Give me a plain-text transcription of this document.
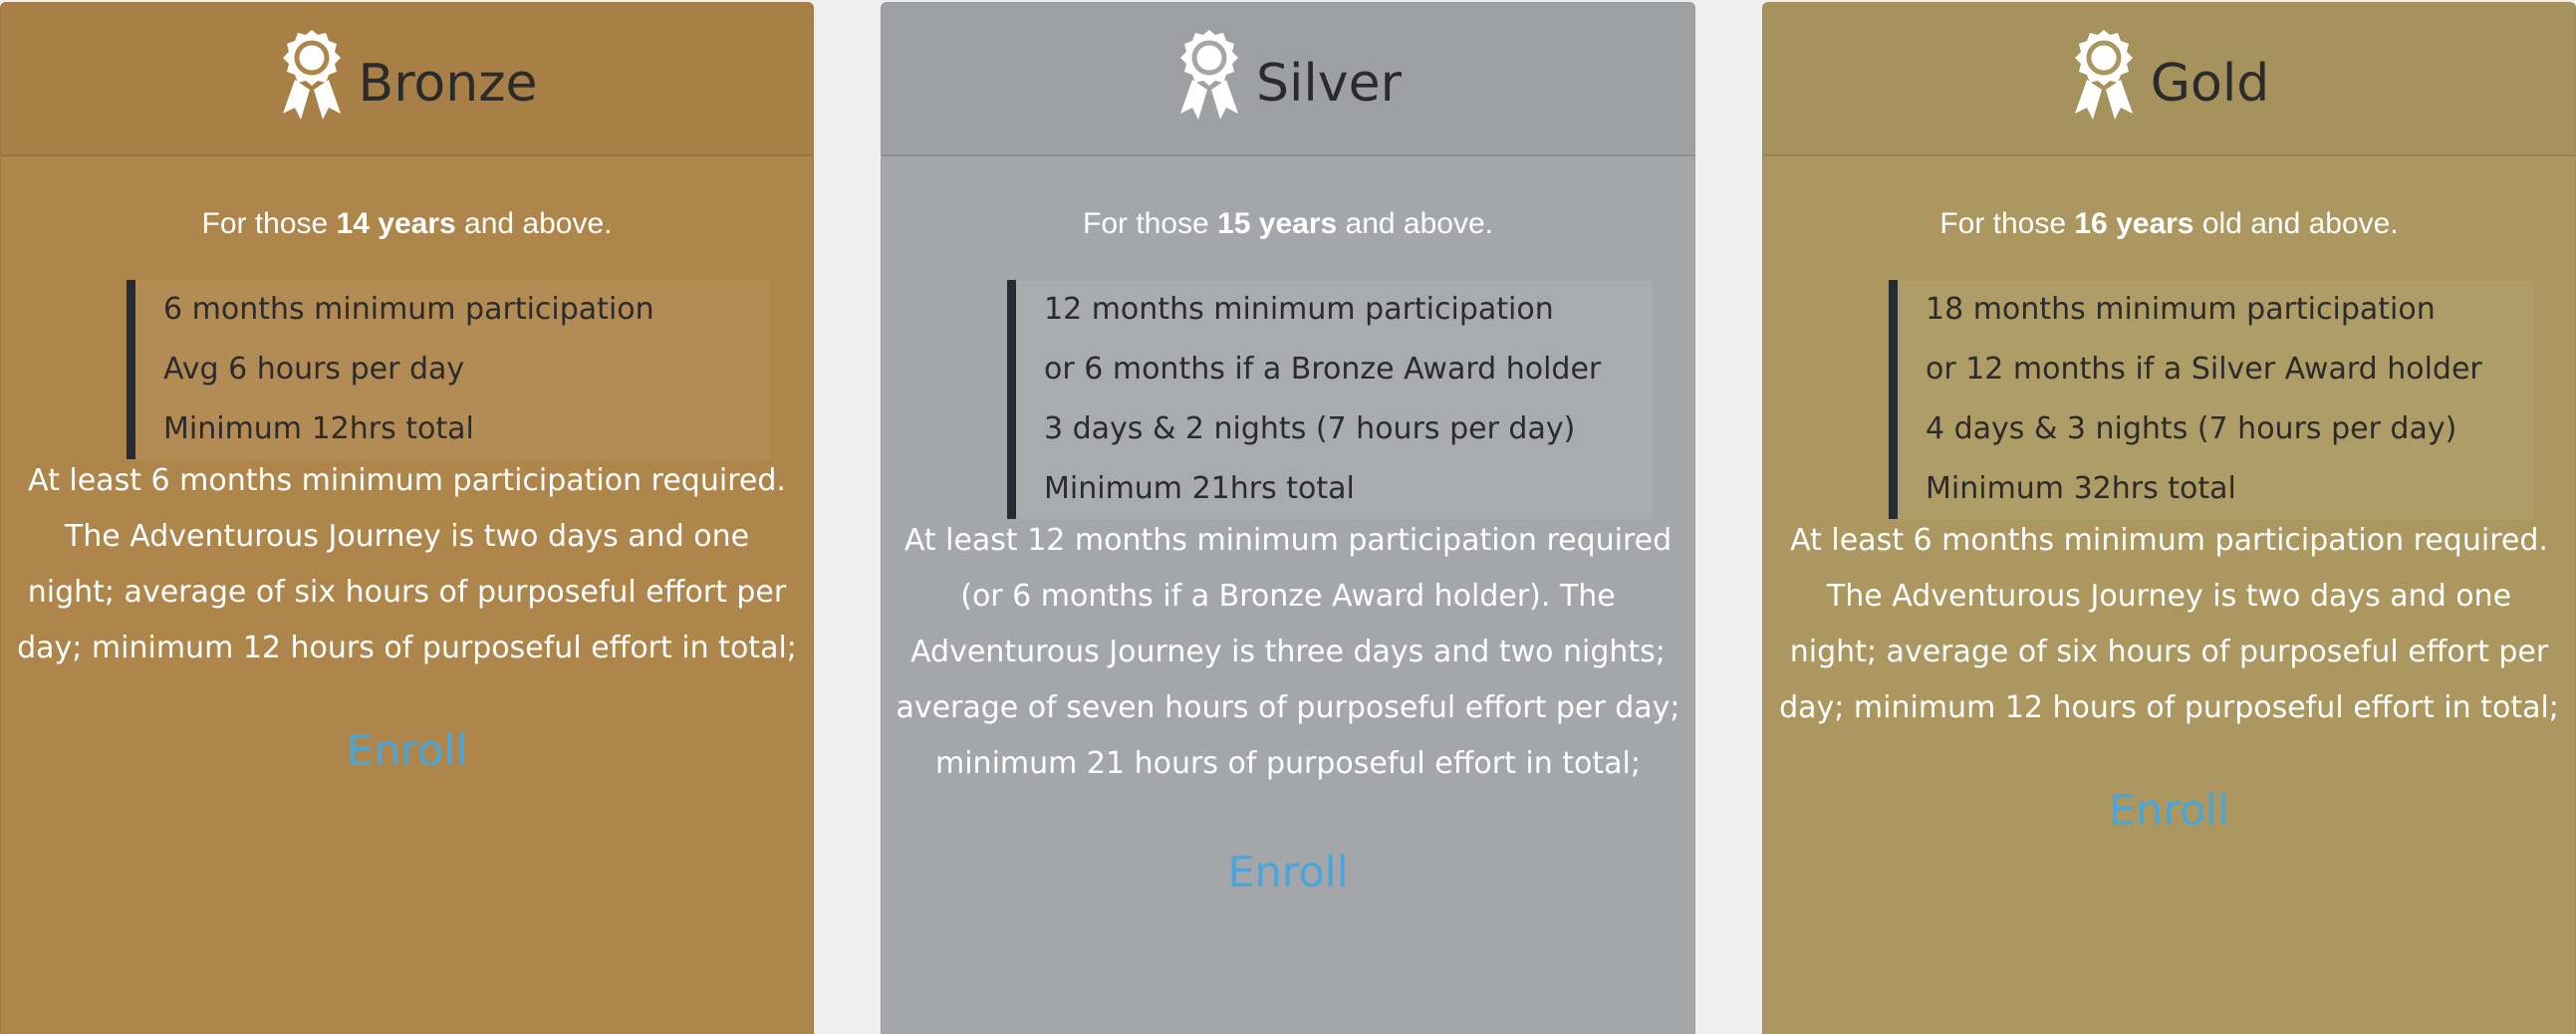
Bronze
For those 14 years and above.
6 months minimum participation
Avg 6 hours per day
Minimum 12hrs total
At least 6 months minimum participation required.
The Adventurous Journey is two days and one
night; average of six hours of purposeful effort per
day; minimum 12 hours of purposeful effort in total;
Enroll
Silver
For those 15 years and above.
12 months minimum participation
or 6 months if a Bronze Award holder
3 days & 2 nights (7 hours per day)
Minimum 21hrs total
At least 12 months minimum participation required
(or 6 months if a Bronze Award holder). The
Adventurous Journey is three days and two nights;
average of seven hours of purposeful effort per day;
minimum 21 hours of purposeful effort in total;
Enroll
Gold
For those 16 years old and above.
18 months minimum participation
or 12 months if a Silver Award holder
4 days & 3 nights (7 hours per day)
Minimum 32hrs total
At least 6 months minimum participation required.
The Adventurous Journey is two days and one
night; average of six hours of purposeful effort per
day; minimum 12 hours of purposeful effort in total;
Enroll
